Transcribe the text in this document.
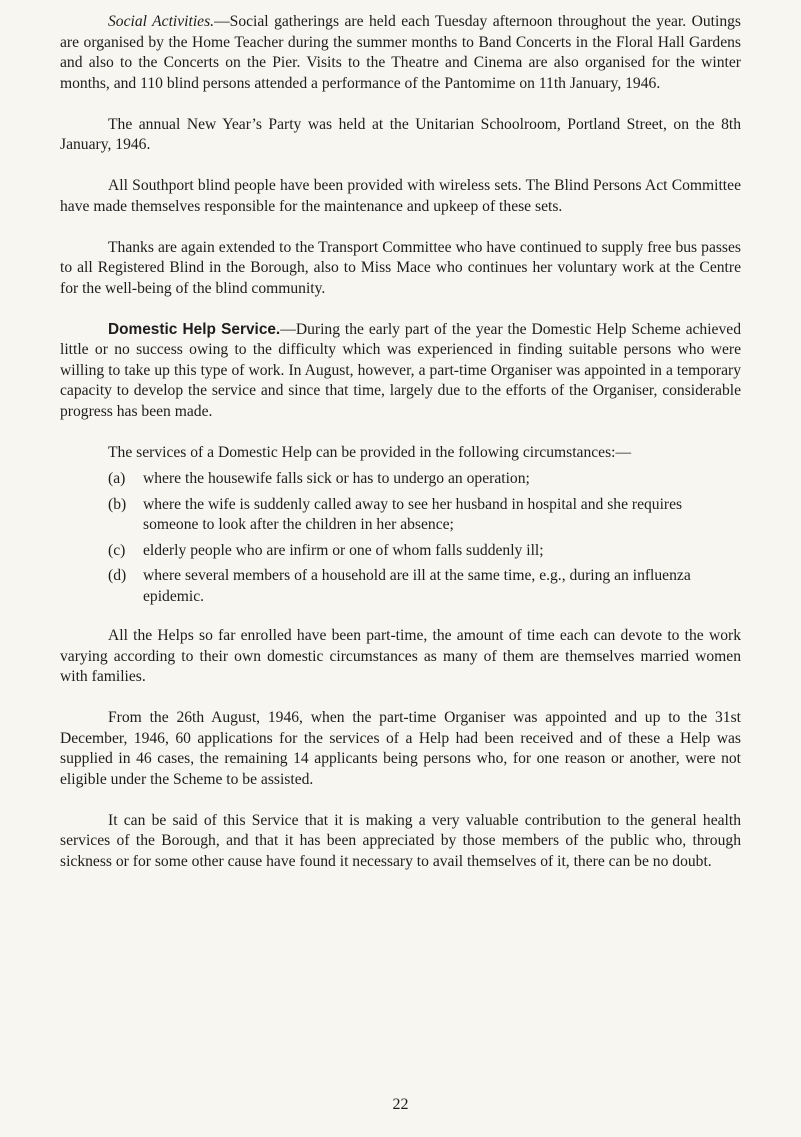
Social Activities.—Social gatherings are held each Tuesday afternoon throughout the year. Outings are organised by the Home Teacher during the summer months to Band Concerts in the Floral Hall Gardens and also to the Concerts on the Pier. Visits to the Theatre and Cinema are also organised for the winter months, and 110 blind persons attended a performance of the Pantomime on 11th January, 1946.

The annual New Year’s Party was held at the Unitarian Schoolroom, Portland Street, on the 8th January, 1946.

All Southport blind people have been provided with wireless sets. The Blind Persons Act Committee have made themselves responsible for the maintenance and upkeep of these sets.

Thanks are again extended to the Transport Committee who have continued to supply free bus passes to all Registered Blind in the Borough, also to Miss Mace who continues her voluntary work at the Centre for the well-being of the blind community.

Domestic Help Service.—During the early part of the year the Domestic Help Scheme achieved little or no success owing to the difficulty which was experienced in finding suitable persons who were willing to take up this type of work. In August, however, a part-time Organiser was appointed in a temporary capacity to develop the service and since that time, largely due to the efforts of the Organiser, considerable progress has been made.

The services of a Domestic Help can be provided in the following circumstances:—

(a)	where the housewife falls sick or has to undergo an operation;
(b)	where the wife is suddenly called away to see her husband in hospital and she requires someone to look after the children in her absence;
(c)	elderly people who are infirm or one of whom falls suddenly ill;
(d)	where several members of a household are ill at the same time, e.g., during an influenza epidemic.

All the Helps so far enrolled have been part-time, the amount of time each can devote to the work varying according to their own domestic circumstances as many of them are themselves married women with families.

From the 26th August, 1946, when the part-time Organiser was appointed and up to the 31st December, 1946, 60 applications for the services of a Help had been received and of these a Help was supplied in 46 cases, the remaining 14 applicants being persons who, for one reason or another, were not eligible under the Scheme to be assisted.

It can be said of this Service that it is making a very valuable contribution to the general health services of the Borough, and that it has been appreciated by those members of the public who, through sickness or for some other cause have found it necessary to avail themselves of it, there can be no doubt.

22
